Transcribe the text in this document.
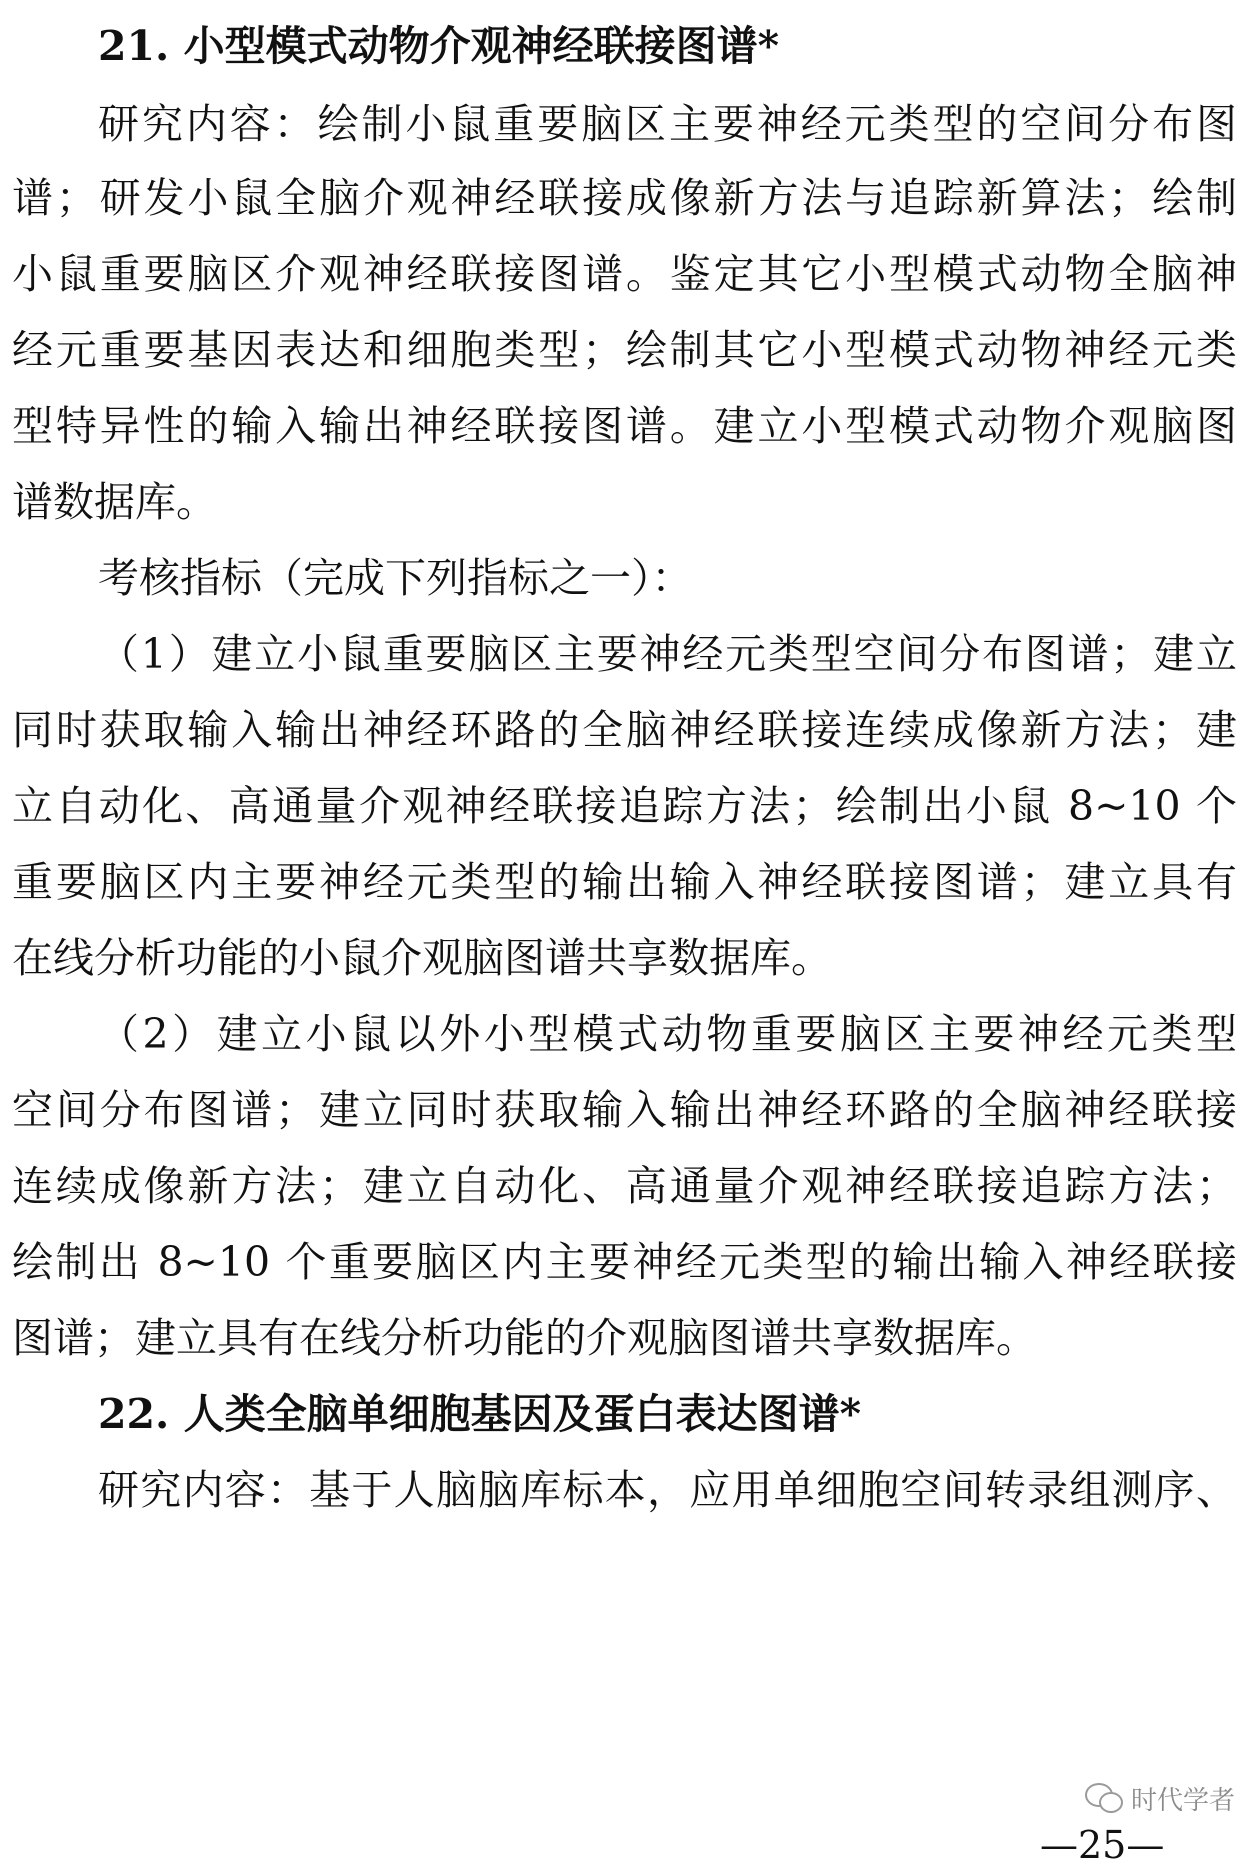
21. 小型模式动物介观神经联接图谱*
研究内容：绘制小鼠重要脑区主要神经元类型的空间分布图
谱；研发小鼠全脑介观神经联接成像新方法与追踪新算法；绘制
小鼠重要脑区介观神经联接图谱。鉴定其它小型模式动物全脑神
经元重要基因表达和细胞类型；绘制其它小型模式动物神经元类
型特异性的输入输出神经联接图谱。建立小型模式动物介观脑图
谱数据库。
考核指标（完成下列指标之一）：
（1）建立小鼠重要脑区主要神经元类型空间分布图谱；建立
同时获取输入输出神经环路的全脑神经联接连续成像新方法；建
立自动化、高通量介观神经联接追踪方法；绘制出小鼠 8~10 个
重要脑区内主要神经元类型的输出输入神经联接图谱；建立具有
在线分析功能的小鼠介观脑图谱共享数据库。
（2）建立小鼠以外小型模式动物重要脑区主要神经元类型
空间分布图谱；建立同时获取输入输出神经环路的全脑神经联接
连续成像新方法；建立自动化、高通量介观神经联接追踪方法；
绘制出 8~10 个重要脑区内主要神经元类型的输出输入神经联接
图谱；建立具有在线分析功能的介观脑图谱共享数据库。
22. 人类全脑单细胞基因及蛋白表达图谱*
研究内容：基于人脑脑库标本，应用单细胞空间转录组测序、
时代学者
—25—
